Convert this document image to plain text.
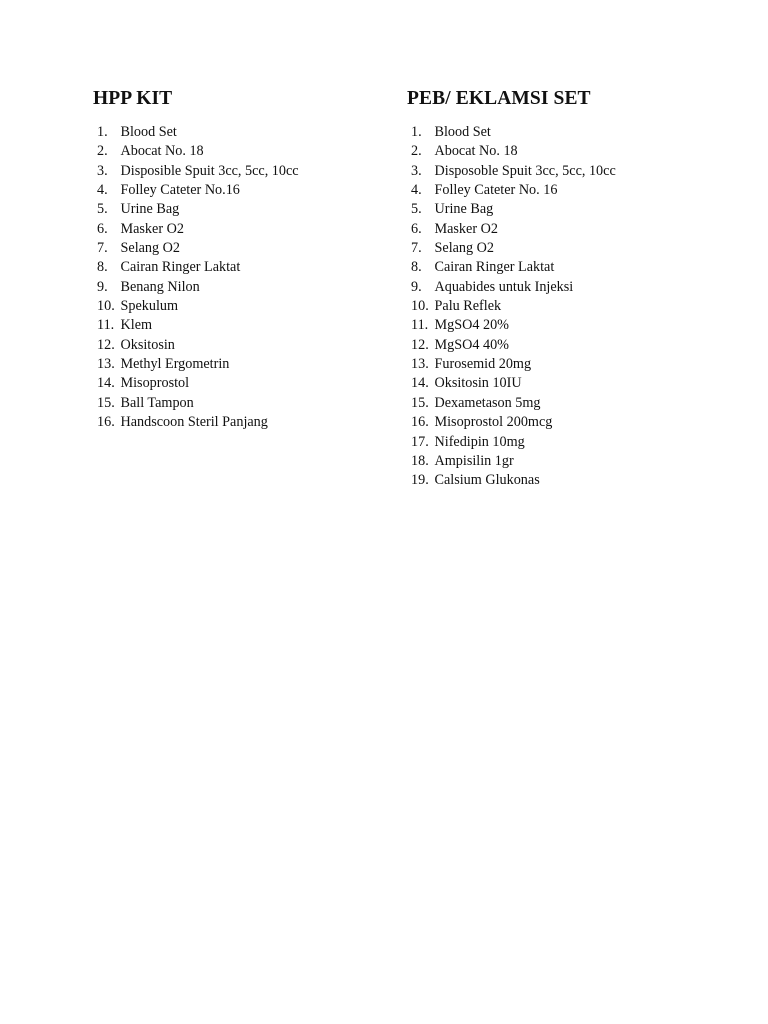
HPP KIT
1. Blood Set
2. Abocat No. 18
3. Disposible Spuit 3cc, 5cc, 10cc
4. Folley Cateter No.16
5. Urine Bag
6. Masker O2
7. Selang O2
8. Cairan Ringer Laktat
9. Benang Nilon
10. Spekulum
11. Klem
12. Oksitosin
13. Methyl Ergometrin
14. Misoprostol
15. Ball Tampon
16. Handscoon Steril Panjang
PEB/ EKLAMSI SET
1. Blood Set
2. Abocat No. 18
3. Disposoble Spuit 3cc, 5cc, 10cc
4. Folley Cateter No. 16
5. Urine Bag
6. Masker O2
7. Selang O2
8. Cairan Ringer Laktat
9. Aquabides untuk Injeksi
10. Palu Reflek
11. MgSO4 20%
12. MgSO4 40%
13. Furosemid 20mg
14. Oksitosin 10IU
15. Dexametason 5mg
16. Misoprostol 200mcg
17. Nifedipin 10mg
18. Ampisilin 1gr
19. Calsium Glukonas
